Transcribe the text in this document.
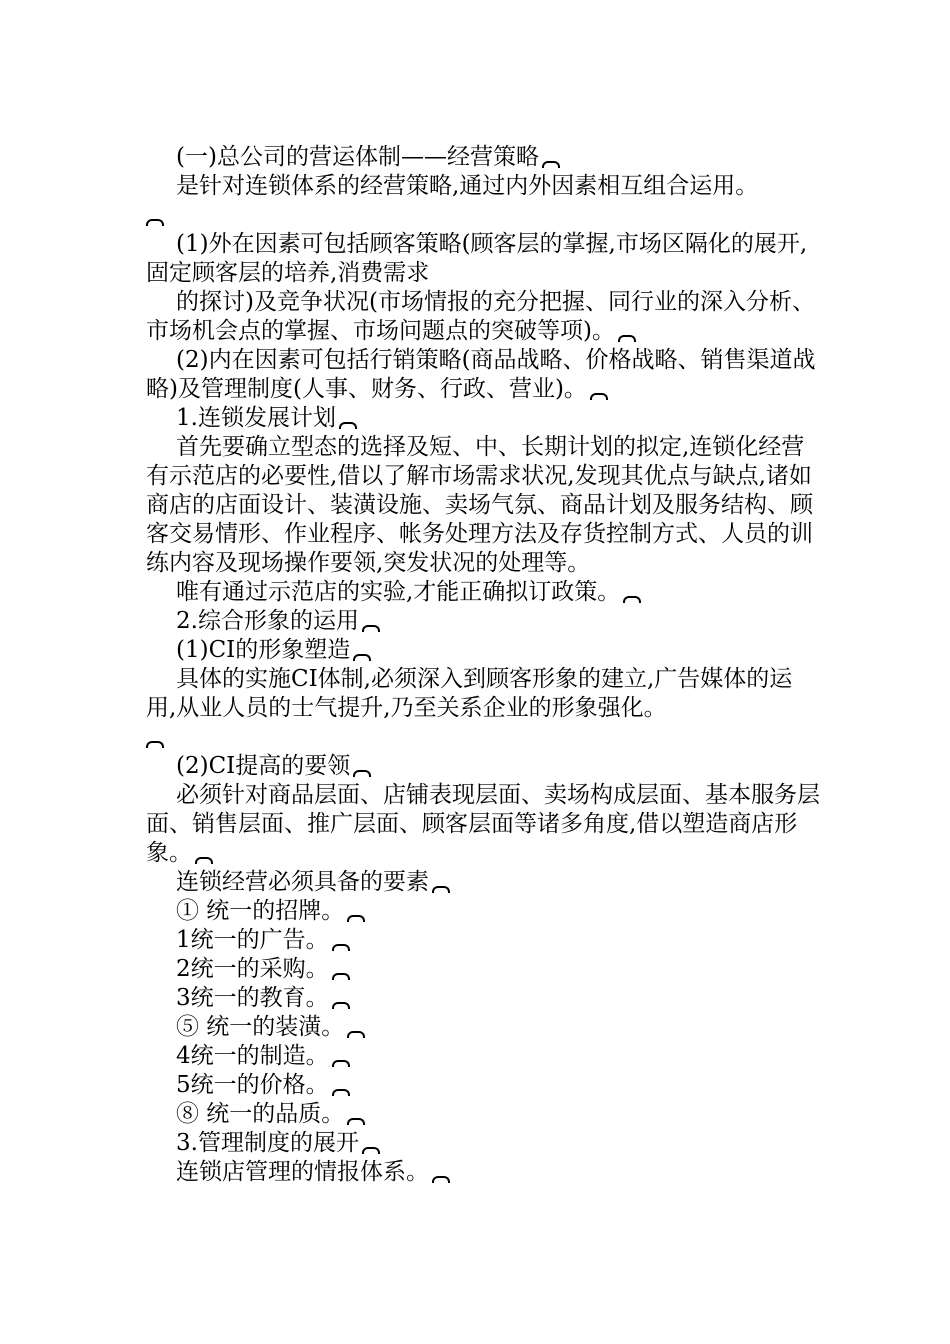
(一)总公司的营运体制——经营策略

是针对连锁体系的经营策略,通过内外因素相互组合运用。

(1)外在因素可包括顾客策略(顾客层的掌握,市场区隔化的展开,固定顾客层的培养,消费需求

的探讨)及竞争状况(市场情报的充分把握、同行业的深入分析、市场机会点的掌握、市场问题点的突破等项)。

(2)内在因素可包括行销策略(商品战略、价格战略、销售渠道战略)及管理制度(人事、财务、行政、营业)。

1.连锁发展计划

首先要确立型态的选择及短、中、长期计划的拟定,连锁化经营有示范店的必要性,借以了解市场需求状况,发现其优点与缺点,诸如商店的店面设计、装潢设施、卖场气氛、商品计划及服务结构、顾客交易情形、作业程序、帐务处理方法及存货控制方式、人员的训练内容及现场操作要领,突发状况的处理等。

唯有通过示范店的实验,才能正确拟订政策。

2.综合形象的运用

(1)CI的形象塑造

具体的实施CI体制,必须深入到顾客形象的建立,广告媒体的运用,从业人员的士气提升,乃至关系企业的形象强化。

(2)CI提高的要领

必须针对商品层面、店铺表现层面、卖场构成层面、基本服务层面、销售层面、推广层面、顾客层面等诸多角度,借以塑造商店形象。

连锁经营必须具备的要素

① 统一的招牌。

1统一的广告。

2统一的采购。

3统一的教育。

⑤ 统一的装潢。

4统一的制造。

5统一的价格。

⑧ 统一的品质。

3.管理制度的展开

连锁店管理的情报体系。
